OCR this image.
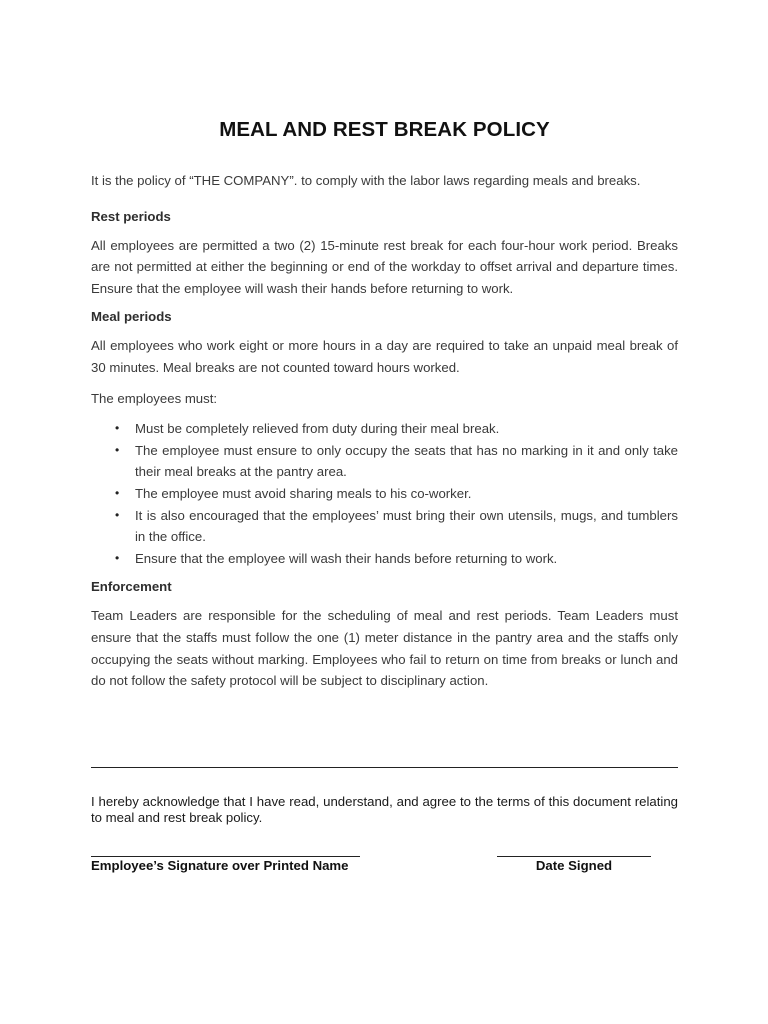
MEAL AND REST BREAK POLICY

It is the policy of “THE COMPANY”. to comply with the labor laws regarding meals and breaks.

Rest periods

All employees are permitted a two (2) 15-minute rest break for each four-hour work period. Breaks are not permitted at either the beginning or end of the workday to offset arrival and departure times. Ensure that the employee will wash their hands before returning to work.

Meal periods

All employees who work eight or more hours in a day are required to take an unpaid meal break of 30 minutes. Meal breaks are not counted toward hours worked.

The employees must:

• Must be completely relieved from duty during their meal break.
• The employee must ensure to only occupy the seats that has no marking in it and only take their meal breaks at the pantry area.
• The employee must avoid sharing meals to his co-worker.
• It is also encouraged that the employees’ must bring their own utensils, mugs, and tumblers in the office.
• Ensure that the employee will wash their hands before returning to work.
Enforcement

Team Leaders are responsible for the scheduling of meal and rest periods. Team Leaders must ensure that the staffs must follow the one (1) meter distance in the pantry area and the staffs only occupying the seats without marking. Employees who fail to return on time from breaks or lunch and do not follow the safety protocol will be subject to disciplinary action.

I hereby acknowledge that I have read, understand, and agree to the terms of this document relating to meal and rest break policy.

Employee’s Signature over Printed Name	Date Signed
